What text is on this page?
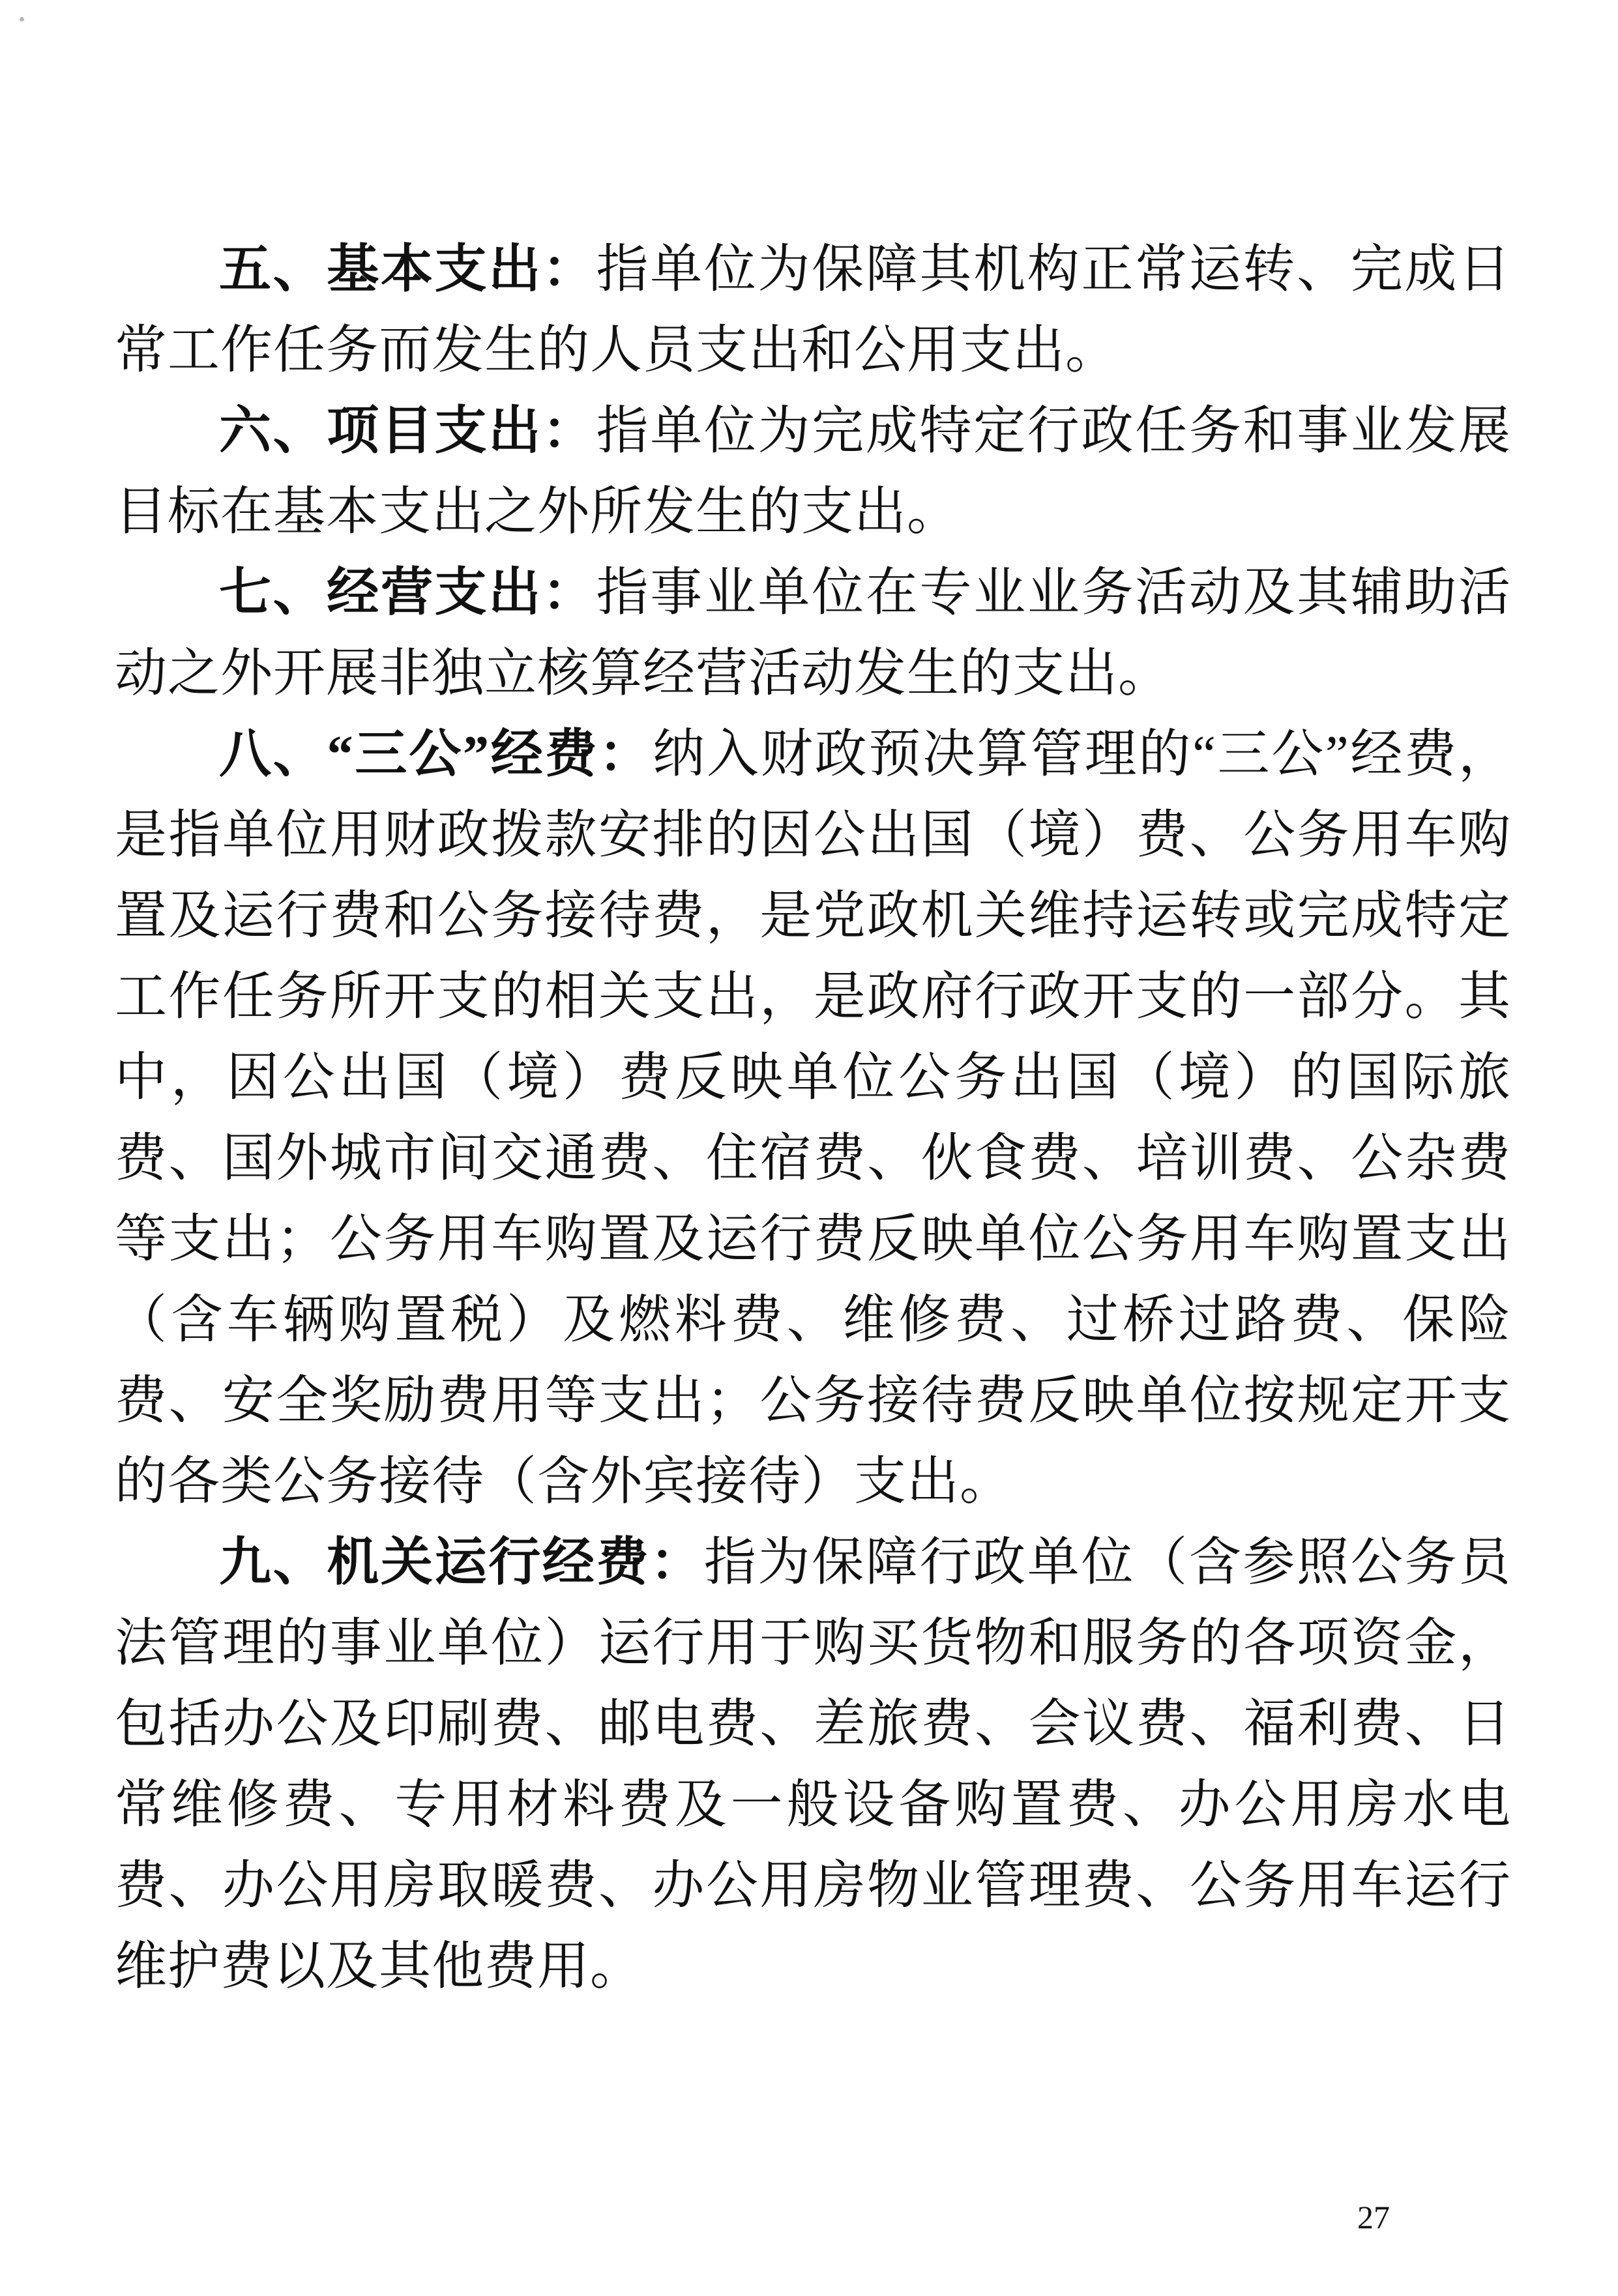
五、基本支出：指单位为保障其机构正常运转、完成日常工作任务而发生的人员支出和公用支出。

六、项目支出：指单位为完成特定行政任务和事业发展目标在基本支出之外所发生的支出。

七、经营支出：指事业单位在专业业务活动及其辅助活动之外开展非独立核算经营活动发生的支出。

八、“三公”经费：纳入财政预决算管理的“三公”经费，是指单位用财政拨款安排的因公出国（境）费、公务用车购置及运行费和公务接待费，是党政机关维持运转或完成特定工作任务所开支的相关支出，是政府行政开支的一部分。其中，因公出国（境）费反映单位公务出国（境）的国际旅费、国外城市间交通费、住宿费、伙食费、培训费、公杂费等支出；公务用车购置及运行费反映单位公务用车购置支出（含车辆购置税）及燃料费、维修费、过桥过路费、保险费、安全奖励费用等支出；公务接待费反映单位按规定开支的各类公务接待（含外宾接待）支出。

九、机关运行经费：指为保障行政单位（含参照公务员法管理的事业单位）运行用于购买货物和服务的各项资金，包括办公及印刷费、邮电费、差旅费、会议费、福利费、日常维修费、专用材料费及一般设备购置费、办公用房水电费、办公用房取暖费、办公用房物业管理费、公务用车运行维护费以及其他费用。

27
